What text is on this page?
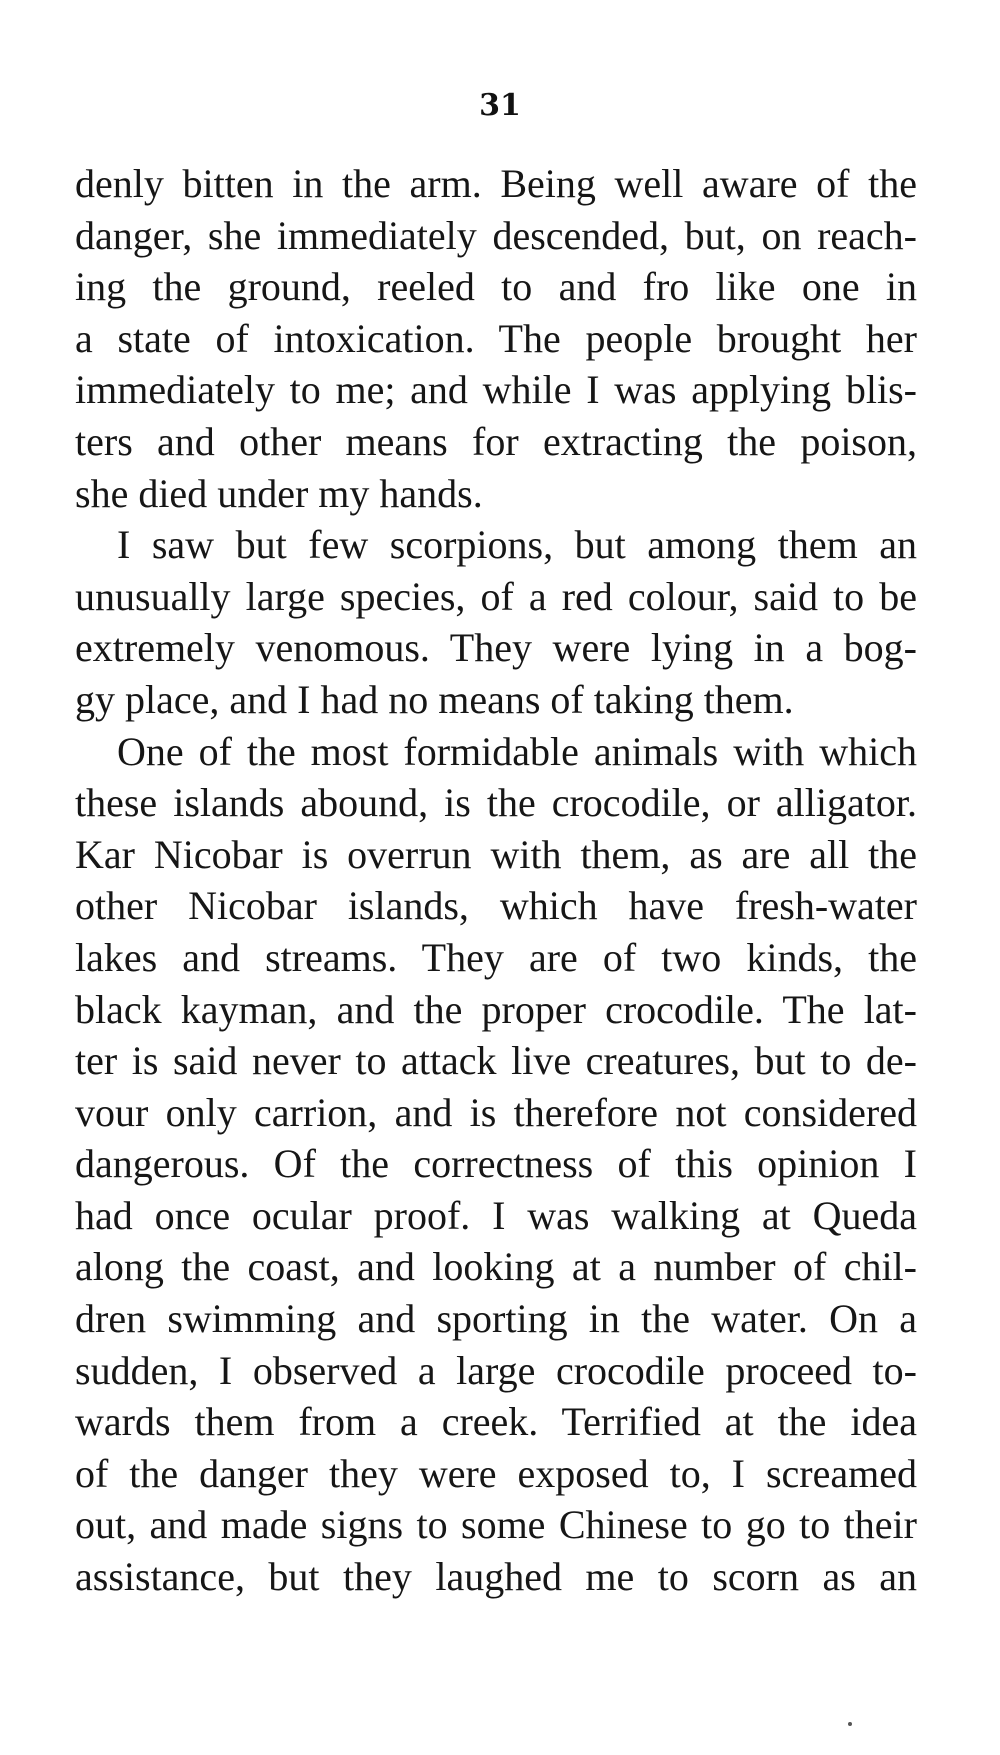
31
denly bitten in the arm. Being well aware of the
danger, she immediately descended, but, on reach-
ing the ground, reeled to and fro like one in
a state of intoxication. The people brought her
immediately to me; and while I was applying blis-
ters and other means for extracting the poison,
she died under my hands.
I saw but few scorpions, but among them an
unusually large species, of a red colour, said to be
extremely venomous. They were lying in a bog-
gy place, and I had no means of taking them.
One of the most formidable animals with which
these islands abound, is the crocodile, or alligator.
Kar Nicobar is overrun with them, as are all the
other Nicobar islands, which have fresh-water
lakes and streams. They are of two kinds, the
black kayman, and the proper crocodile. The lat-
ter is said never to attack live creatures, but to de-
vour only carrion, and is therefore not considered
dangerous. Of the correctness of this opinion I
had once ocular proof. I was walking at Queda
along the coast, and looking at a number of chil-
dren swimming and sporting in the water. On a
sudden, I observed a large crocodile proceed to-
wards them from a creek. Terrified at the idea
of the danger they were exposed to, I screamed
out, and made signs to some Chinese to go to their
assistance, but they laughed me to scorn as an
